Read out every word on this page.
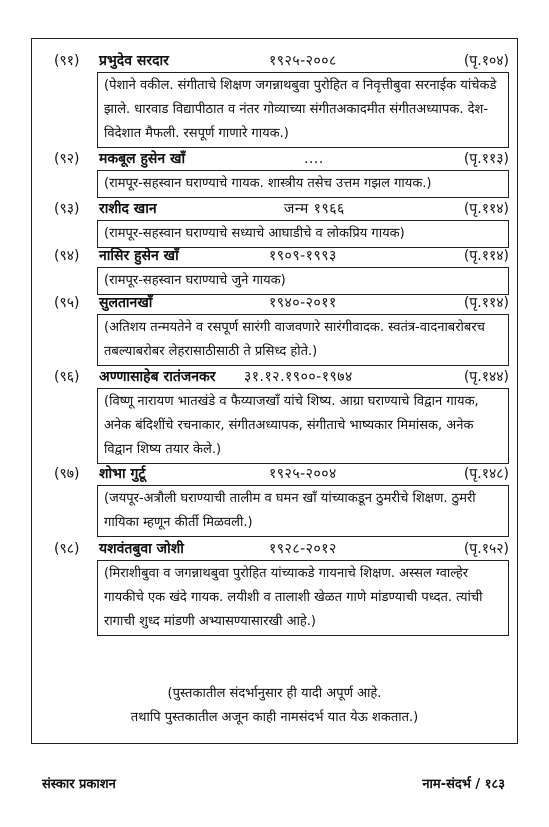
(९१) प्रभुदेव सरदार	१९२५-२००८	(पृ.१०४)
(पेशाने वकील. संगीताचे शिक्षण जगन्नाथबुवा पुरोहित व निवृत्तीबुवा सरनाईक यांचेकडे झाले. धारवाड विद्यापीठात व नंतर गोव्याच्या संगीतअकादमीत संगीतअध्यापक. देश-विदेशात मैफली. रसपूर्ण गाणारे गायक.)
(९२) मकबूल हुसेन खाँ	....	(पृ.११३)
(रामपूर-सहस्वान घराण्याचे गायक. शास्त्रीय तसेच उत्तम गझल गायक.)
(९३) राशीद खान	जन्म १९६६	(पृ.११४)
(रामपूर-सहस्वान घराण्याचे सध्याचे आघाडीचे व लोकप्रिय गायक)
(९४) नासिर हुसेन खाँ	१९०९-१९९३	(पृ.११४)
(रामपूर-सहस्वान घराण्याचे जुने गायक)
(९५) सुलतानखाँ	१९४०-२०११	(पृ.११४)
(अतिशय तन्मयतेने व रसपूर्ण सारंगी वाजवणारे सारंगीवादक. स्वतंत्र-वादनाबरोबरच तबल्याबरोबर लेहरासाठीसाठी ते प्रसिध्द होते.)
(९६) अण्णासाहेब रातंजनकर ३१.१२.१९००-१९७४	(पृ.१४४)
(विष्णू नारायण भातखंडे व फैय्याजखाँ यांचे शिष्य. आग्रा घराण्याचे विद्वान गायक, अनेक बंदिशींचे रचनाकार, संगीतअध्यापक, संगीताचे भाष्यकार मिमांसक, अनेक विद्वान शिष्य तयार केले.)
(९७) शोभा गुर्टू	१९२५-२००४	(पृ.१४८)
(जयपूर-अत्रौली घराण्याची तालीम व घमन खाँ यांच्याकडून ठुमरीचे शिक्षण. ठुमरी गायिका म्हणून कीर्ती मिळवली.)
(९८) यशवंतबुवा जोशी	१९२८-२०१२	(पृ.१५२)
(मिराशीबुवा व जगन्नाथबुवा पुरोहित यांच्याकडे गायनाचे शिक्षण. अस्सल ग्वाल्हेर गायकीचे एक खंदे गायक. लयीशी व तालाशी खेळत गाणे मांडण्याची पध्दत. त्यांची रागाची शुध्द मांडणी अभ्यासण्यासारखी आहे.)
(पुस्तकातील संदर्भानुसार ही यादी अपूर्ण आहे.
तथापि पुस्तकातील अजून काही नामसंदर्भ यात येऊ शकतात.)
संस्कार प्रकाशन	नाम-संदर्भ / १८३
